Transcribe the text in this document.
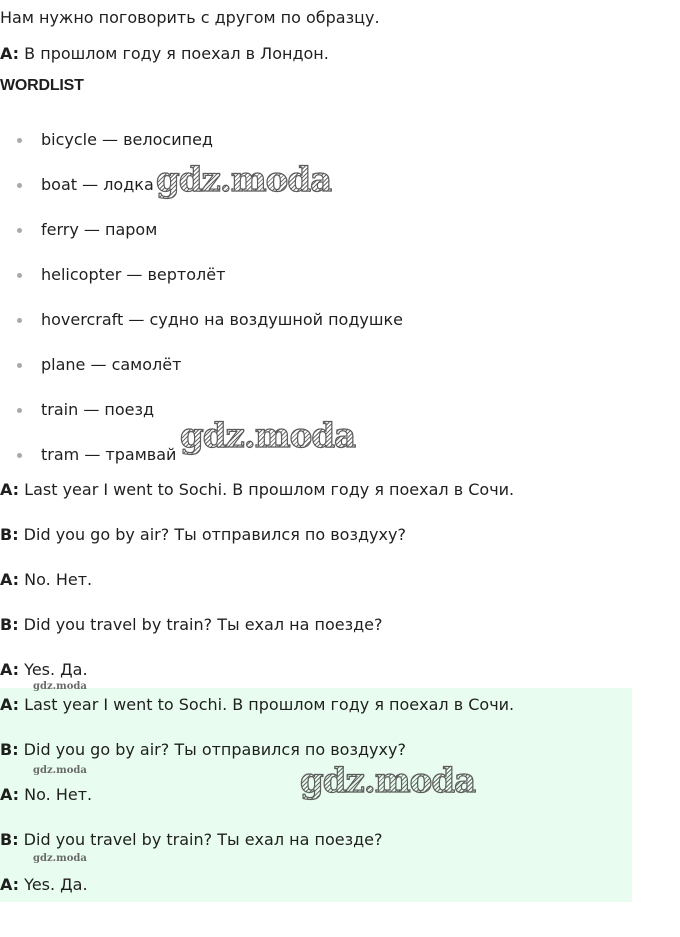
Нам нужно поговорить с другом по образцу.
A: В прошлом году я поехал в Лондон.
WORDLIST
bicycle — велосипед
boat — лодка
ferry — паром
helicopter — вертолёт
hovercraft — судно на воздушной подушке
plane — самолёт
train — поезд
tram — трамвай
A: Last year I went to Sochi. В прошлом году я поехал в Сочи.
B: Did you go by air? Ты отправился по воздуху?
A: No. Нет.
B: Did you travel by train? Ты ехал на поезде?
A: Yes. Да.
A: Last year I went to Sochi. В прошлом году я поехал в Сочи.
B: Did you go by air? Ты отправился по воздуху?
A: No. Нет.
B: Did you travel by train? Ты ехал на поезде?
A: Yes. Да.
gdz.moda
gdz.moda
gdz.moda
gdz.moda
gdz.moda
gdz.moda
